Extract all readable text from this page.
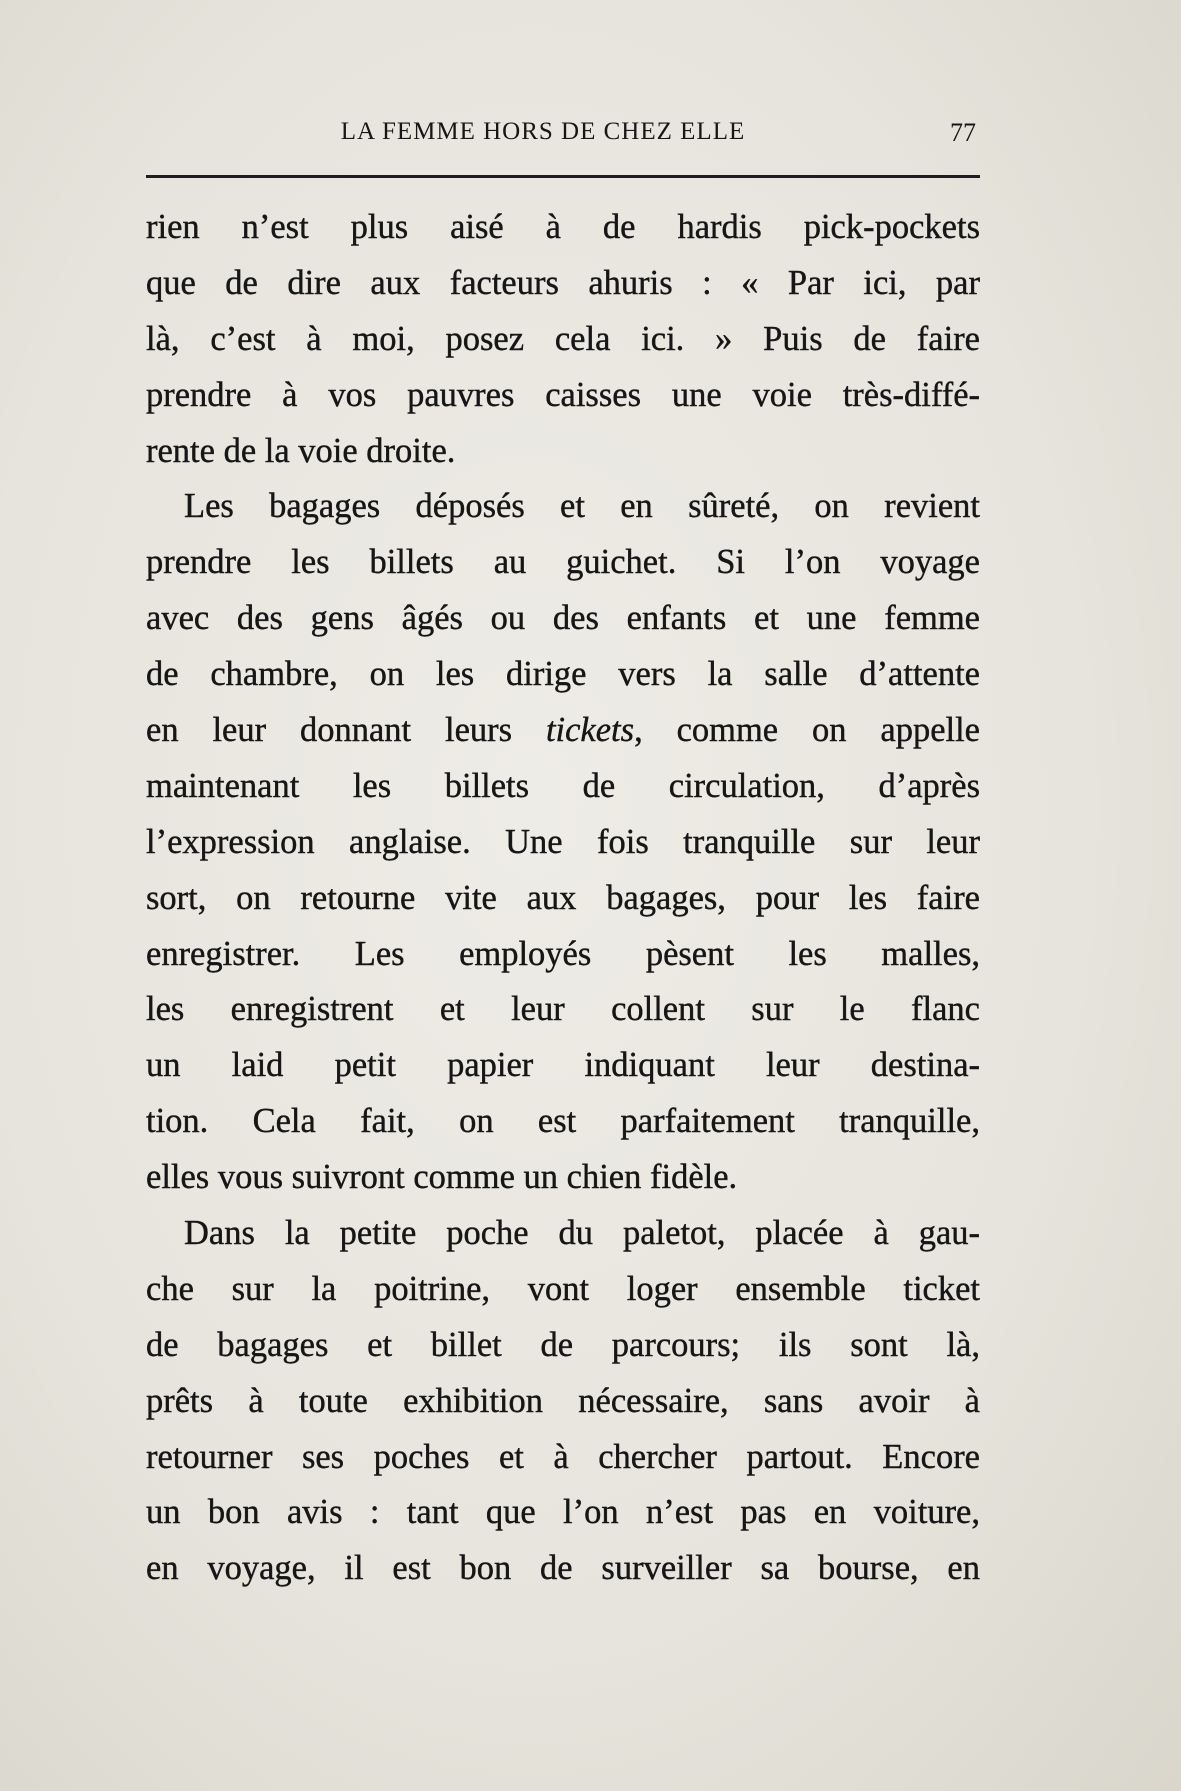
LA FEMME HORS DE CHEZ ELLE	77
rien n’est plus aisé à de hardis pick-pockets
que de dire aux facteurs ahuris : « Par ici, par
là, c’est à moi, posez cela ici. » Puis de faire
prendre à vos pauvres caisses une voie très-diffé-
rente de la voie droite.
Les bagages déposés et en sûreté, on revient
prendre les billets au guichet. Si l’on voyage
avec des gens âgés ou des enfants et une femme
de chambre, on les dirige vers la salle d’attente
en leur donnant leurs tickets, comme on appelle
maintenant les billets de circulation, d’après
l’expression anglaise. Une fois tranquille sur leur
sort, on retourne vite aux bagages, pour les faire
enregistrer. Les employés pèsent les malles,
les enregistrent et leur collent sur le flanc
un laid petit papier indiquant leur destina-
tion. Cela fait, on est parfaitement tranquille,
elles vous suivront comme un chien fidèle.
Dans la petite poche du paletot, placée à gau-
che sur la poitrine, vont loger ensemble ticket
de bagages et billet de parcours; ils sont là,
prêts à toute exhibition nécessaire, sans avoir à
retourner ses poches et à chercher partout. Encore
un bon avis : tant que l’on n’est pas en voiture,
en voyage, il est bon de surveiller sa bourse, en
